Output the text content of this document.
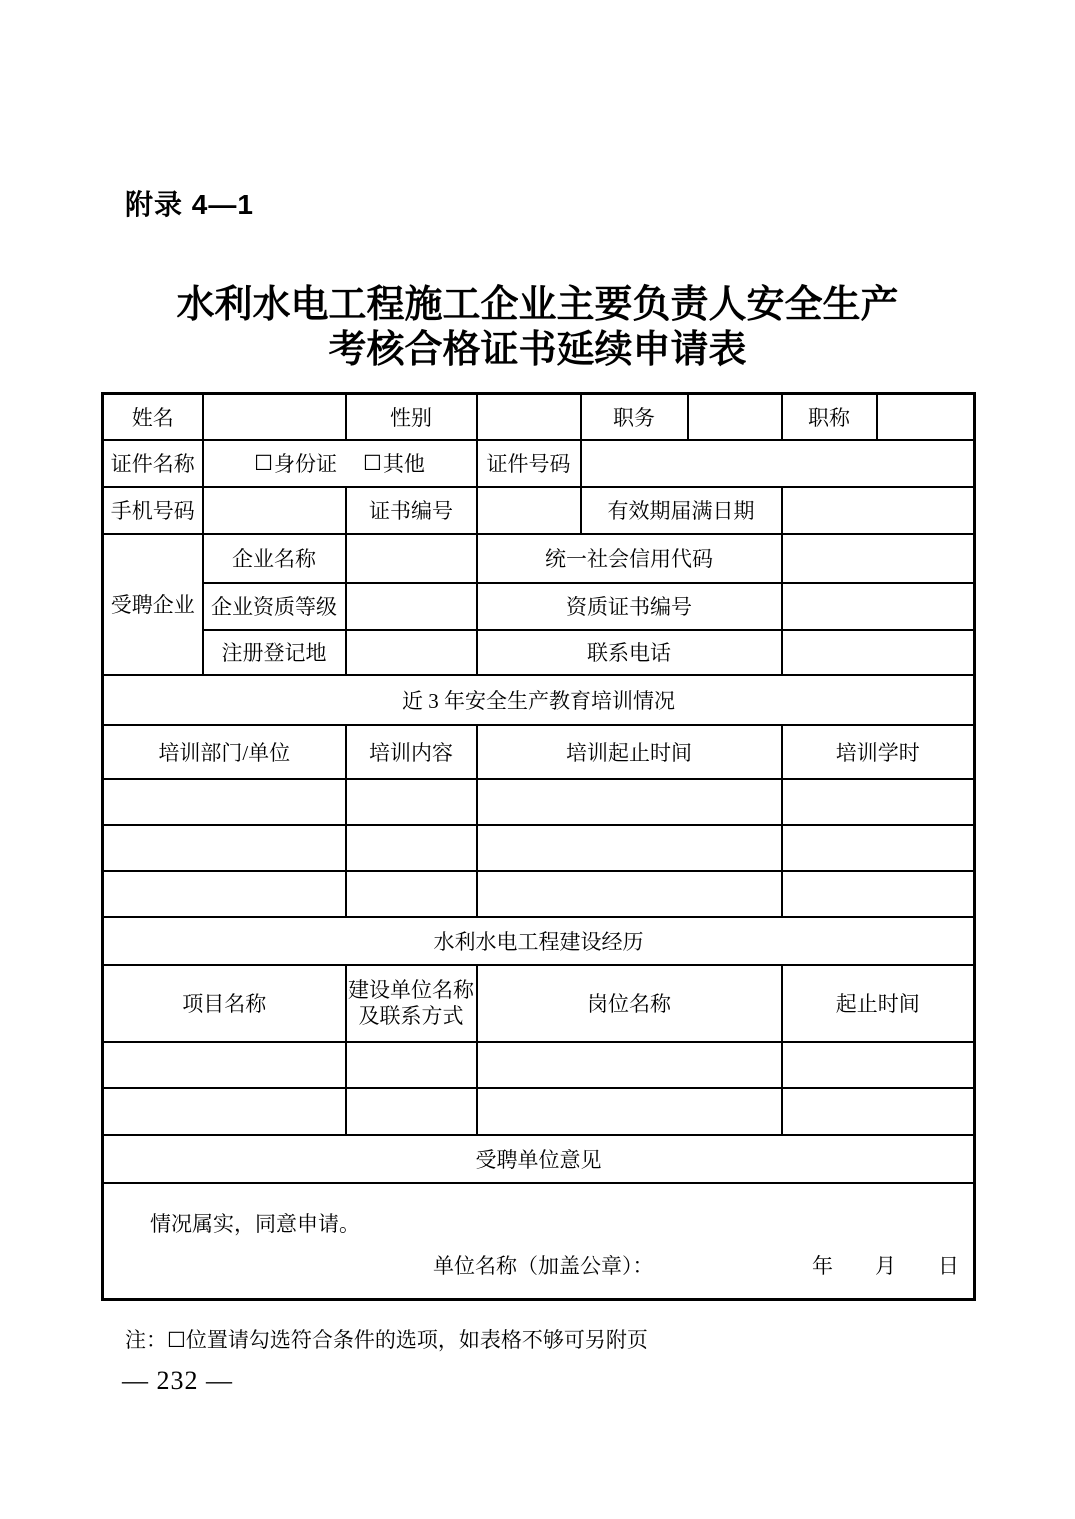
附录 4—1
水利水电工程施工企业主要负责人安全生产
考核合格证书延续申请表
姓名		性别		职务		职称	
证件名称	☐ 身份证 ☐ 其他		证件号码				
手机号码		证书编号		有效期届满日期			
受聘企业	企业名称		统一社会信用代码				
	企业资质等级		资质证书编号				
	注册登记地		联系电话				
近 3 年安全生产教育培训情况							
培训部门/单位		培训内容	培训起止时间			培训学时	

水利水电工程建设经历							
项目名称		建设单位名称及联系方式	岗位名称			起止时间	

受聘单位意见							

情况属实，同意申请。
单位名称（加盖公章）： 年　　月　　日							
注：☐位置请勾选符合条件的选项，如表格不够可另附页
— 232 —
